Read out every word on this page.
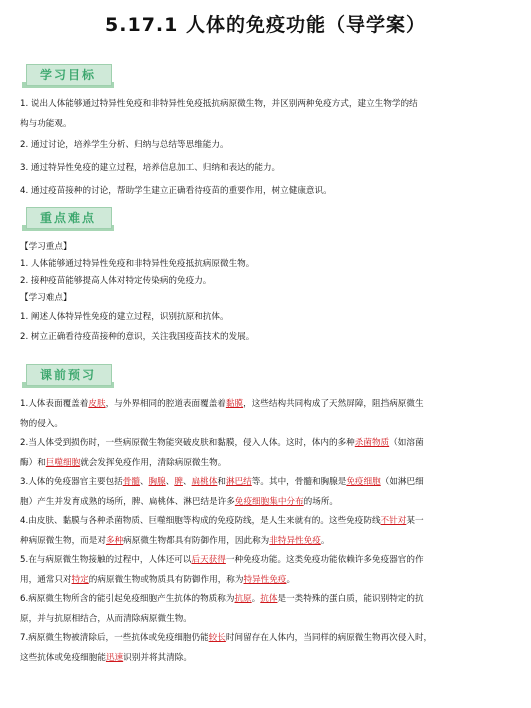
5.17.1 人体的免疫功能（导学案）
学习目标
1. 说出人体能够通过特异性免疫和非特异性免疫抵抗病原微生物，并区别两种免疫方式，建立生物学的结
构与功能观。
2. 通过讨论，培养学生分析、归纳与总结等思维能力。
3. 通过特异性免疫的建立过程，培养信息加工、归纳和表达的能力。
4. 通过疫苗接种的讨论，帮助学生建立正确看待疫苗的重要作用，树立健康意识。
重点难点
【学习重点】
1. 人体能够通过特异性免疫和非特异性免疫抵抗病原微生物。
2. 接种疫苗能够提高人体对特定传染病的免疫力。
【学习难点】
1. 阐述人体特异性免疫的建立过程，识别抗原和抗体。
2. 树立正确看待疫苗接种的意识，关注我国疫苗技术的发展。
课前预习
1.人体表面覆盖着皮肤，与外界相同的腔道表面覆盖着黏膜，这些结构共同构成了天然屏障，阻挡病原微生
物的侵入。
2.当人体受到损伤时，一些病原微生物能突破皮肤和黏膜，侵入人体。这时，体内的多种杀菌物质（如溶菌
酶）和巨噬细胞就会发挥免疫作用，清除病原微生物。
3.人体的免疫器官主要包括骨髓、胸腺、脾、扁桃体和淋巴结等。其中，骨髓和胸腺是免疫细胞（如淋巴细
胞）产生并发育成熟的场所，脾、扁桃体、淋巴结是许多免疫细胞集中分布的场所。
4.由皮肤、黏膜与各种杀菌物质、巨噬细胞等构成的免疫防线，是人生来就有的。这些免疫防线不针对某一
种病原微生物，而是对多种病原微生物都具有防御作用，因此称为非特异性免疫。
5.在与病原微生物接触的过程中，人体还可以后天获得一种免疫功能。这类免疫功能依赖许多免疫器官的作
用，通常只对特定的病原微生物或物质具有防御作用，称为特异性免疫。
6.病原微生物所含的能引起免疫细胞产生抗体的物质称为抗原。抗体是一类特殊的蛋白质，能识别特定的抗
原，并与抗原相结合，从而清除病原微生物。
7.病原微生物被清除后，一些抗体或免疫细胞仍能较长时间留存在人体内，当同样的病原微生物再次侵入时，
这些抗体或免疫细胞能迅速识别并将其清除。
